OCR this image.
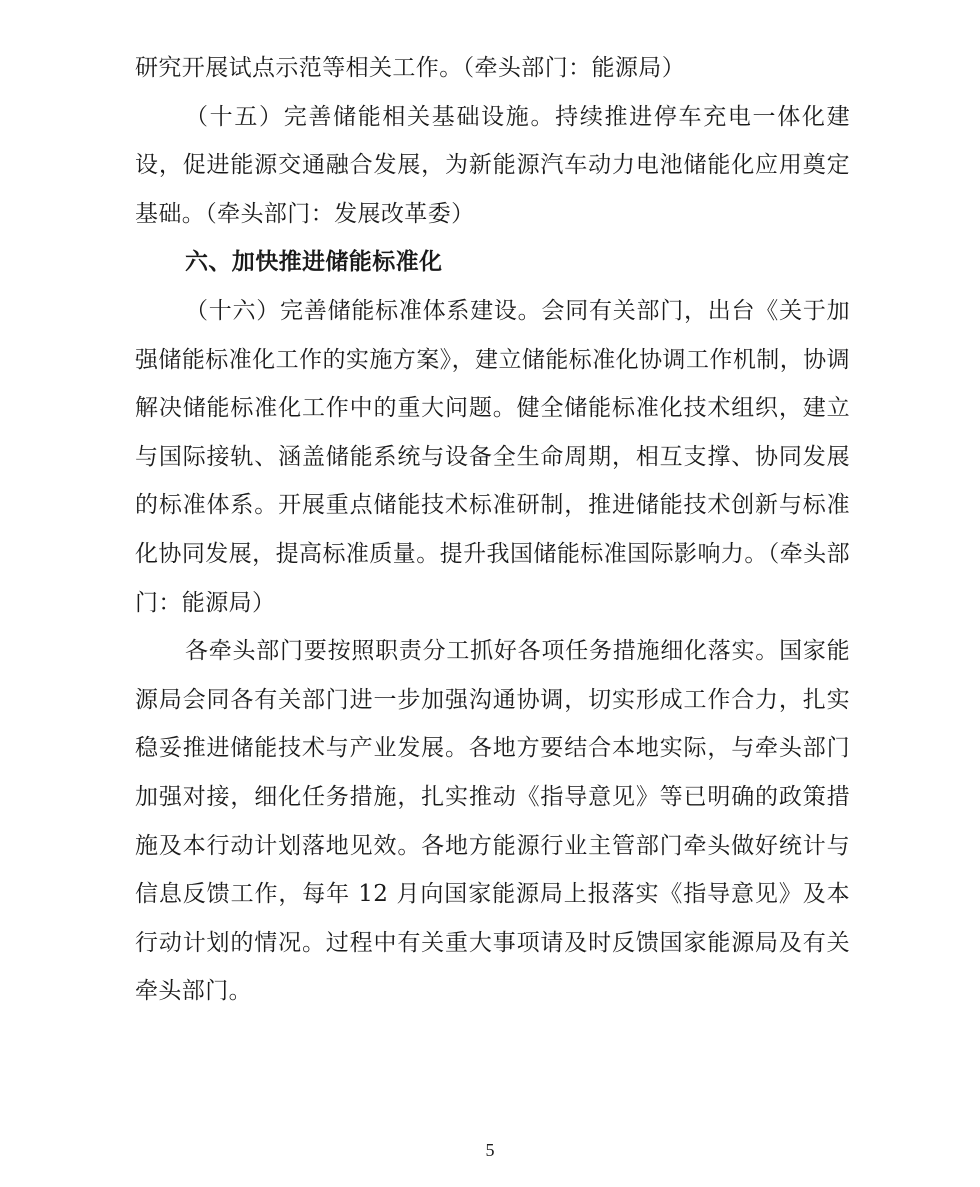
研究开展试点示范等相关工作。（牵头部门：能源局）

（十五）完善储能相关基础设施。持续推进停车充电一体化建设，促进能源交通融合发展，为新能源汽车动力电池储能化应用奠定基础。（牵头部门：发展改革委）

六、加快推进储能标准化

（十六）完善储能标准体系建设。会同有关部门，出台《关于加强储能标准化工作的实施方案》，建立储能标准化协调工作机制，协调解决储能标准化工作中的重大问题。健全储能标准化技术组织，建立与国际接轨、涵盖储能系统与设备全生命周期，相互支撑、协同发展的标准体系。开展重点储能技术标准研制，推进储能技术创新与标准化协同发展，提高标准质量。提升我国储能标准国际影响力。（牵头部门：能源局）

各牵头部门要按照职责分工抓好各项任务措施细化落实。国家能源局会同各有关部门进一步加强沟通协调，切实形成工作合力，扎实稳妥推进储能技术与产业发展。各地方要结合本地实际，与牵头部门加强对接，细化任务措施，扎实推动《指导意见》等已明确的政策措施及本行动计划落地见效。各地方能源行业主管部门牵头做好统计与信息反馈工作，每年 12 月向国家能源局上报落实《指导意见》及本行动计划的情况。过程中有关重大事项请及时反馈国家能源局及有关牵头部门。

5
